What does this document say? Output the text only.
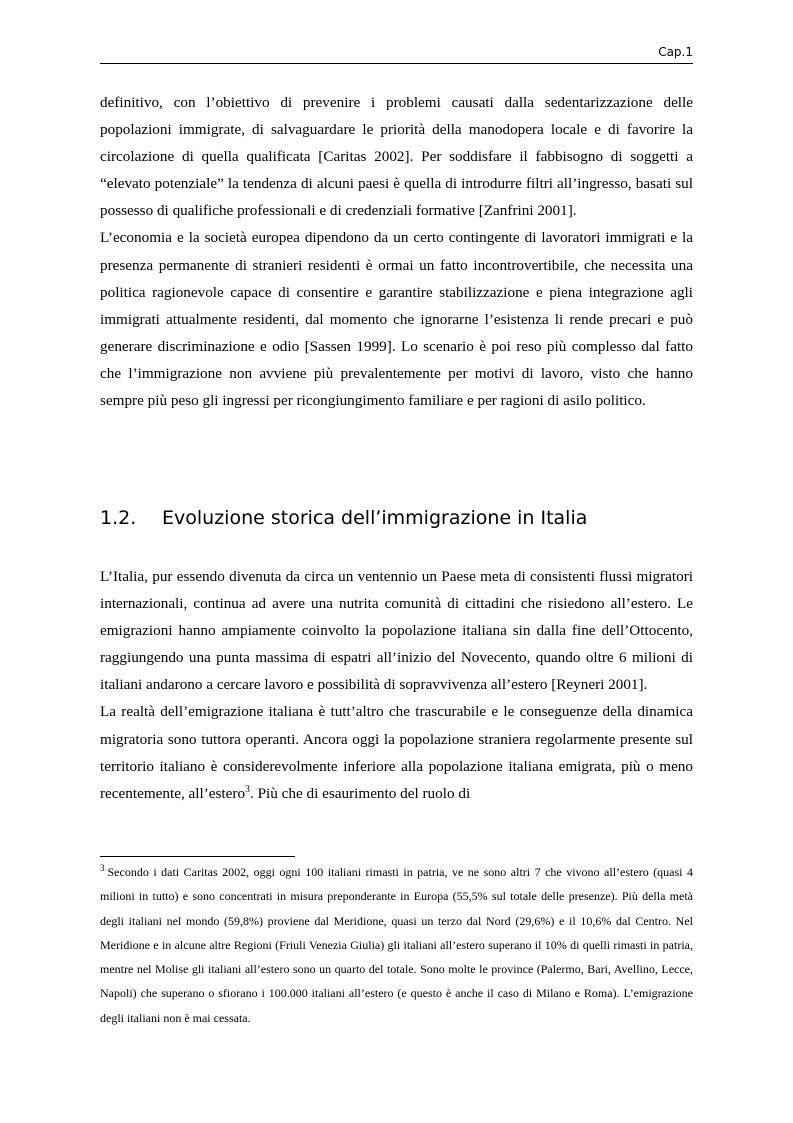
Cap.1

definitivo, con l’obiettivo di prevenire i problemi causati dalla sedentarizzazione delle popolazioni immigrate, di salvaguardare le priorità della manodopera locale e di favorire la circolazione di quella qualificata [Caritas 2002]. Per soddisfare il fabbisogno di soggetti a “elevato potenziale” la tendenza di alcuni paesi è quella di introdurre filtri all’ingresso, basati sul possesso di qualifiche professionali e di credenziali formative [Zanfrini 2001].

L’economia e la società europea dipendono da un certo contingente di lavoratori immigrati e la presenza permanente di stranieri residenti è ormai un fatto incontrovertibile, che necessita una politica ragionevole capace di consentire e garantire stabilizzazione e piena integrazione agli immigrati attualmente residenti, dal momento che ignorarne l’esistenza li rende precari e può generare discriminazione e odio [Sassen 1999]. Lo scenario è poi reso più complesso dal fatto che l’immigrazione non avviene più prevalentemente per motivi di lavoro, visto che hanno sempre più peso gli ingressi per ricongiungimento familiare e per ragioni di asilo politico.

1.2. Evoluzione storica dell’immigrazione in Italia

L’Italia, pur essendo divenuta da circa un ventennio un Paese meta di consistenti flussi migratori internazionali, continua ad avere una nutrita comunità di cittadini che risiedono all’estero. Le emigrazioni hanno ampiamente coinvolto la popolazione italiana sin dalla fine dell’Ottocento, raggiungendo una punta massima di espatri all’inizio del Novecento, quando oltre 6 milioni di italiani andarono a cercare lavoro e possibilità di sopravvivenza all’estero [Reyneri 2001].

La realtà dell’emigrazione italiana è tutt’altro che trascurabile e le conseguenze della dinamica migratoria sono tuttora operanti. Ancora oggi la popolazione straniera regolarmente presente sul territorio italiano è considerevolmente inferiore alla popolazione italiana emigrata, più o meno recentemente, all’estero$^3$. Più che di esaurimento del ruolo di

$^3$ Secondo i dati Caritas 2002, oggi ogni 100 italiani rimasti in patria, ve ne sono altri 7 che vivono all’estero (quasi 4 milioni in tutto) e sono concentrati in misura preponderante in Europa (55,5% sul totale delle presenze). Più della metà degli italiani nel mondo (59,8%) proviene dal Meridione, quasi un terzo dal Nord (29,6%) e il 10,6% dal Centro. Nel Meridione e in alcune altre Regioni (Friuli Venezia Giulia) gli italiani all’estero superano il 10% di quelli rimasti in patria, mentre nel Molise gli italiani all’estero sono un quarto del totale. Sono molte le province (Palermo, Bari, Avellino, Lecce, Napoli) che superano o sfiorano i 100.000 italiani all’estero (e questo è anche il caso di Milano e Roma). L’emigrazione degli italiani non è mai cessata.
